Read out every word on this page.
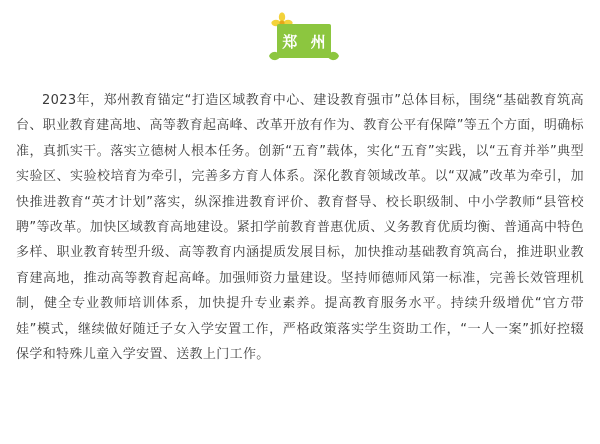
郑 州

2023年，郑州教育锚定“打造区域教育中心、建设教育强市”总体目标，围绕“基础教育筑高台、职业教育建高地、高等教育起高峰、改革开放有作为、教育公平有保障”等五个方面，明确标准，真抓实干。落实立德树人根本任务。创新“五育”载体，实化“五育”实践，以“五育并举”典型实验区、实验校培育为牵引，完善多方育人体系。深化教育领域改革。以“双减”改革为牵引，加快推进教育“英才计划”落实，纵深推进教育评价、教育督导、校长职级制、中小学教师“县管校聘”等改革。加快区域教育高地建设。紧扣学前教育普惠优质、义务教育优质均衡、普通高中特色多样、职业教育转型升级、高等教育内涵提质发展目标，加快推动基础教育筑高台，推进职业教育建高地，推动高等教育起高峰。加强师资力量建设。坚持师德师风第一标准，完善长效管理机制，健全专业教师培训体系，加快提升专业素养。提高教育服务水平。持续升级增优“官方带娃”模式，继续做好随迁子女入学安置工作，严格政策落实学生资助工作，“一人一案”抓好控辍保学和特殊儿童入学安置、送教上门工作。
